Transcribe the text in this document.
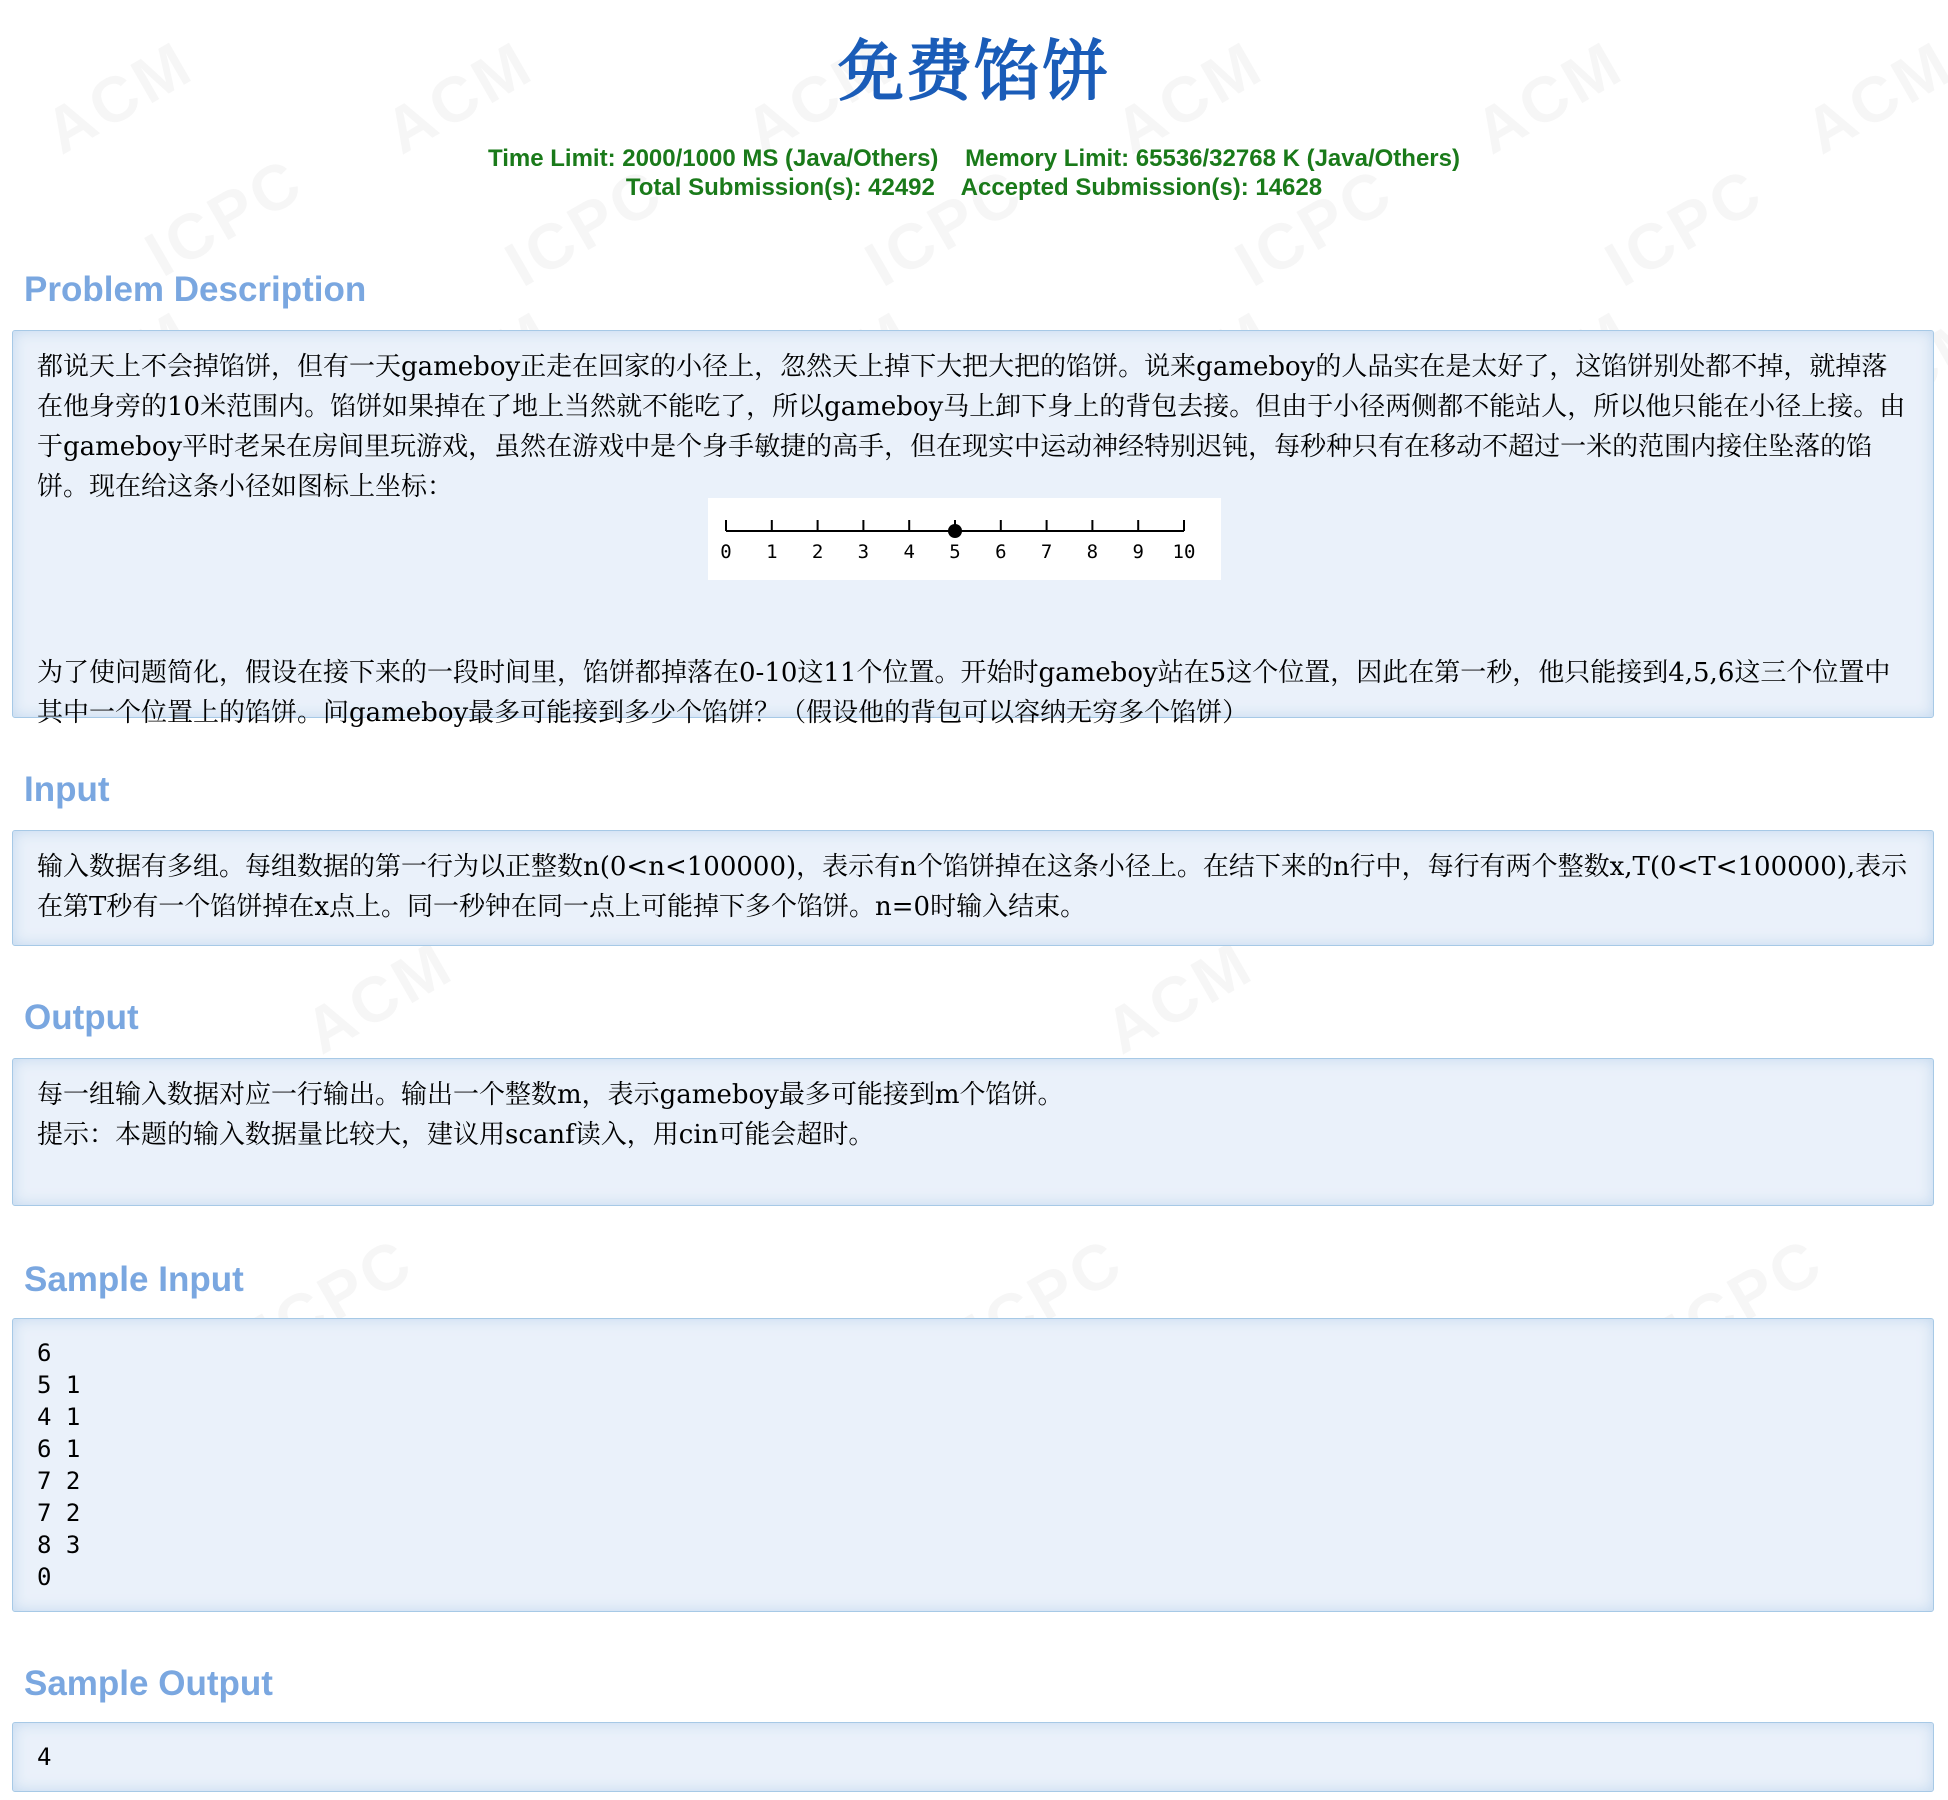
免费馅饼
Time Limit: 2000/1000 MS (Java/Others)    Memory Limit: 65536/32768 K (Java/Others)
Total Submission(s): 42492    Accepted Submission(s): 14628
Problem Description

都说天上不会掉馅饼，但有一天gameboy正走在回家的小径上，忽然天上掉下大把大把的馅饼。说来gameboy的人品实在是太好了，这馅饼别处都不掉，就掉落在他身旁的10米范围内。馅饼如果掉在了地上当然就不能吃了，所以gameboy马上卸下身上的背包去接。但由于小径两侧都不能站人，所以他只能在小径上接。由于gameboy平时老呆在房间里玩游戏，虽然在游戏中是个身手敏捷的高手，但在现实中运动神经特别迟钝，每秒种只有在移动不超过一米的范围内接住坠落的馅饼。现在给这条小径如图标上坐标：

为了使问题简化，假设在接下来的一段时间里，馅饼都掉落在0-10这11个位置。开始时gameboy站在5这个位置，因此在第一秒，他只能接到4,5,6这三个位置中其中一个位置上的馅饼。问gameboy最多可能接到多少个馅饼？（假设他的背包可以容纳无穷多个馅饼）

0 1 2 3 4 5 6 7 8 9 10
Input

输入数据有多组。每组数据的第一行为以正整数n(0<n<100000)，表示有n个馅饼掉在这条小径上。在结下来的n行中，每行有两个整数x,T(0<T<100000),表示在第T秒有一个馅饼掉在x点上。同一秒钟在同一点上可能掉下多个馅饼。n=0时输入结束。

Output

每一组输入数据对应一行输出。输出一个整数m，表示gameboy最多可能接到m个馅饼。

提示：本题的输入数据量比较大，建议用scanf读入，用cin可能会超时。

Sample Input
6
5 1
4 1
6 1
7 2
7 2
8 3
0
Sample Output
4
